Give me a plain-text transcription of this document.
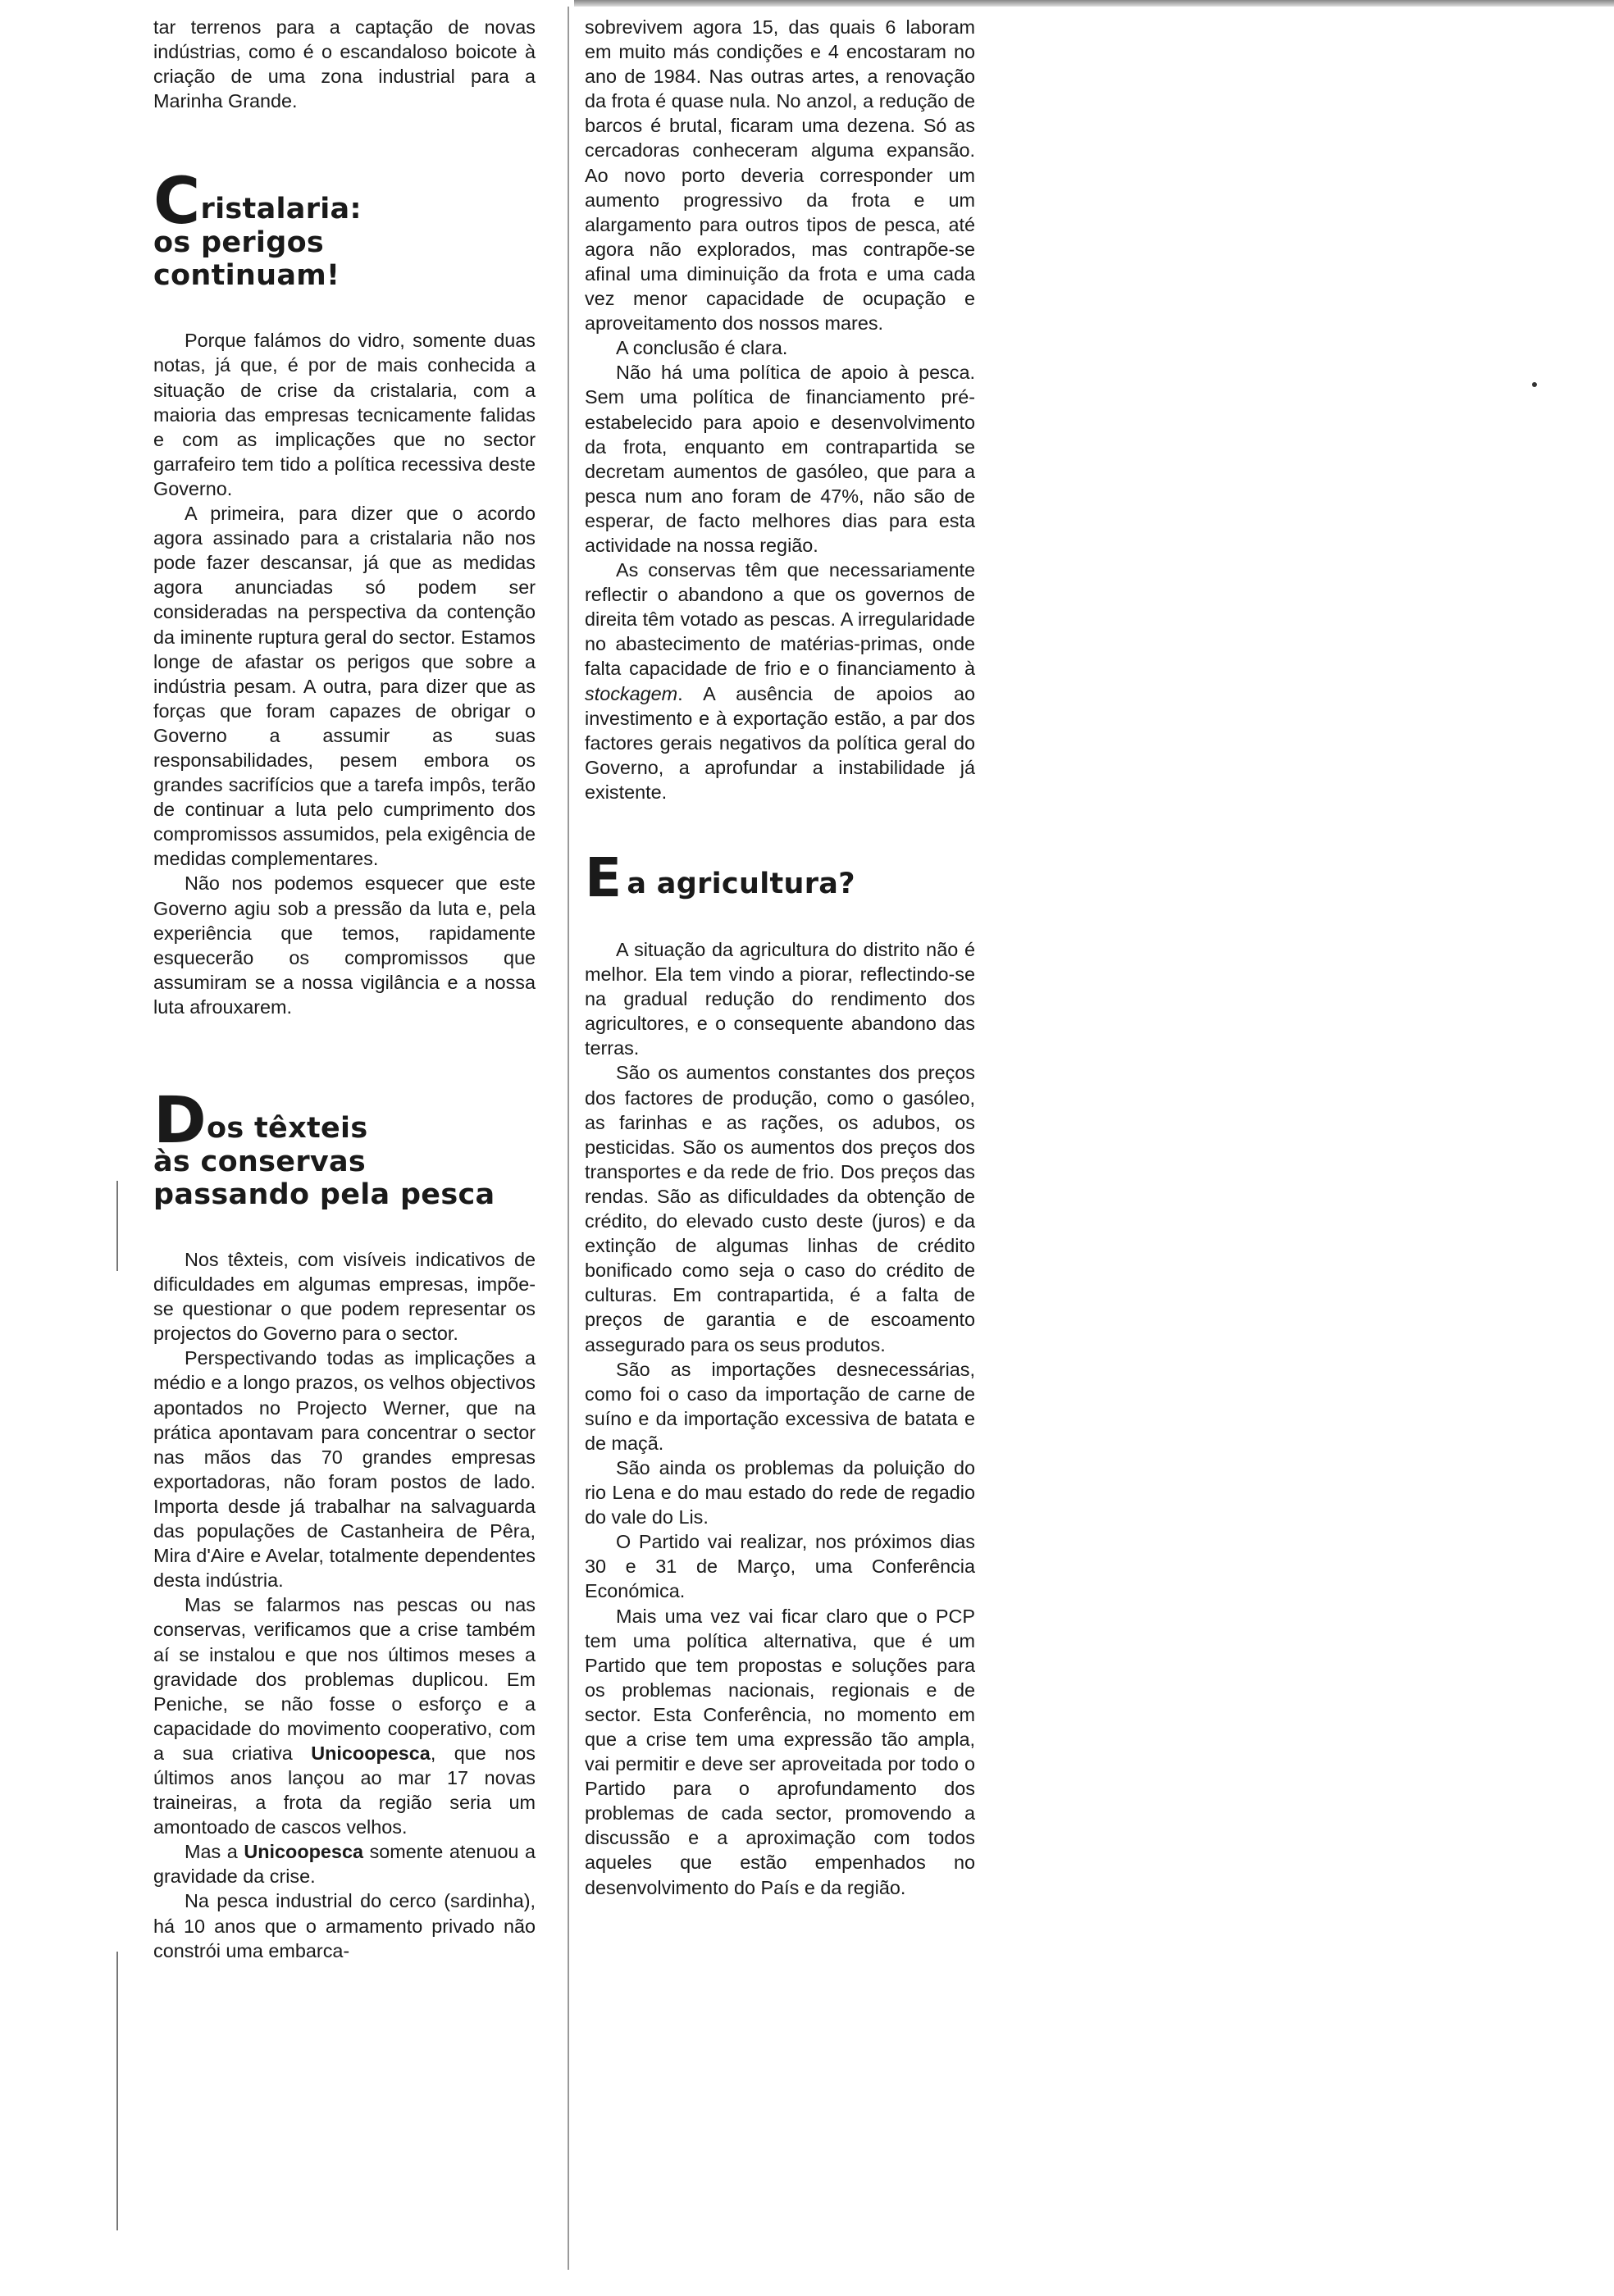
tar terrenos para a captação de novas indústrias, como é o escandaloso boicote à criação de uma zona industrial para a Marinha Grande.

Cristalaria:
os perigos
continuam!

Porque falámos do vidro, somente duas notas, já que, é por de mais conhecida a situação de crise da cristalaria, com a maioria das empresas tecnicamente falidas e com as implicações que no sector garrafeiro tem tido a política recessiva deste Governo.

A primeira, para dizer que o acordo agora assinado para a cristalaria não nos pode fazer descansar, já que as medidas agora anunciadas só podem ser consideradas na perspectiva da contenção da iminente ruptura geral do sector. Estamos longe de afastar os perigos que sobre a indústria pesam. A outra, para dizer que as forças que foram capazes de obrigar o Governo a assumir as suas responsabilidades, pesem embora os grandes sacrifícios que a tarefa impôs, terão de continuar a luta pelo cumprimento dos compromissos assumidos, pela exigência de medidas complementares.

Não nos podemos esquecer que este Governo agiu sob a pressão da luta e, pela experiência que temos, rapidamente esquecerão os compromissos que assumiram se a nossa vigilância e a nossa luta afrouxarem.

Dos têxteis
às conservas
passando pela pesca

Nos têxteis, com visíveis indicativos de dificuldades em algumas empresas, impõe-se questionar o que podem representar os projectos do Governo para o sector.

Perspectivando todas as implicações a médio e a longo prazos, os velhos objectivos apontados no Projecto Werner, que na prática apontavam para concentrar o sector nas mãos das 70 grandes empresas exportadoras, não foram postos de lado. Importa desde já trabalhar na salvaguarda das populações de Castanheira de Pêra, Mira d'Aire e Avelar, totalmente dependentes desta indústria.

Mas se falarmos nas pescas ou nas conservas, verificamos que a crise também aí se instalou e que nos últimos meses a gravidade dos problemas duplicou. Em Peniche, se não fosse o esforço e a capacidade do movimento cooperativo, com a sua criativa Unicoopesca, que nos últimos anos lançou ao mar 17 novas traineiras, a frota da região seria um amontoado de cascos velhos.

Mas a Unicoopesca somente atenuou a gravidade da crise.

Na pesca industrial do cerco (sardinha), há 10 anos que o armamento privado não constrói uma embarca-

sobrevivem agora 15, das quais 6 laboram em muito más condições e 4 encostaram no ano de 1984. Nas outras artes, a renovação da frota é quase nula. No anzol, a redução de barcos é brutal, ficaram uma dezena. Só as cercadoras conheceram alguma expansão. Ao novo porto deveria corresponder um aumento progressivo da frota e um alargamento para outros tipos de pesca, até agora não explorados, mas contrapõe-se afinal uma diminuição da frota e uma cada vez menor capacidade de ocupação e aproveitamento dos nossos mares.

A conclusão é clara.

Não há uma política de apoio à pesca. Sem uma política de financiamento pré-estabelecido para apoio e desenvolvimento da frota, enquanto em contrapartida se decretam aumentos de gasóleo, que para a pesca num ano foram de 47%, não são de esperar, de facto melhores dias para esta actividade na nossa região.

As conservas têm que necessariamente reflectir o abandono a que os governos de direita têm votado as pescas. A irregularidade no abastecimento de matérias-primas, onde falta capacidade de frio e o financiamento à stockagem. A ausência de apoios ao investimento e à exportação estão, a par dos factores gerais negativos da política geral do Governo, a aprofundar a instabilidade já existente.

Ea agricultura?

A situação da agricultura do distrito não é melhor. Ela tem vindo a piorar, reflectindo-se na gradual redução do rendimento dos agricultores, e o consequente abandono das terras.

São os aumentos constantes dos preços dos factores de produção, como o gasóleo, as farinhas e as rações, os adubos, os pesticidas. São os aumentos dos preços dos transportes e da rede de frio. Dos preços das rendas. São as dificuldades da obtenção de crédito, do elevado custo deste (juros) e da extinção de algumas linhas de crédito bonificado como seja o caso do crédito de culturas. Em contrapartida, é a falta de preços de garantia e de escoamento assegurado para os seus produtos.

São as importações desnecessárias, como foi o caso da importação de carne de suíno e da importação excessiva de batata e de maçã.

São ainda os problemas da poluição do rio Lena e do mau estado do rede de regadio do vale do Lis.

O Partido vai realizar, nos próximos dias 30 e 31 de Março, uma Conferência Económica.

Mais uma vez vai ficar claro que o PCP tem uma política alternativa, que é um Partido que tem propostas e soluções para os problemas nacionais, regionais e de sector. Esta Conferência, no momento em que a crise tem uma expressão tão ampla, vai permitir e deve ser aproveitada por todo o Partido para o aprofundamento dos problemas de cada sector, promovendo a discussão e a aproximação com todos aqueles que estão empenhados no desenvolvimento do País e da região.
